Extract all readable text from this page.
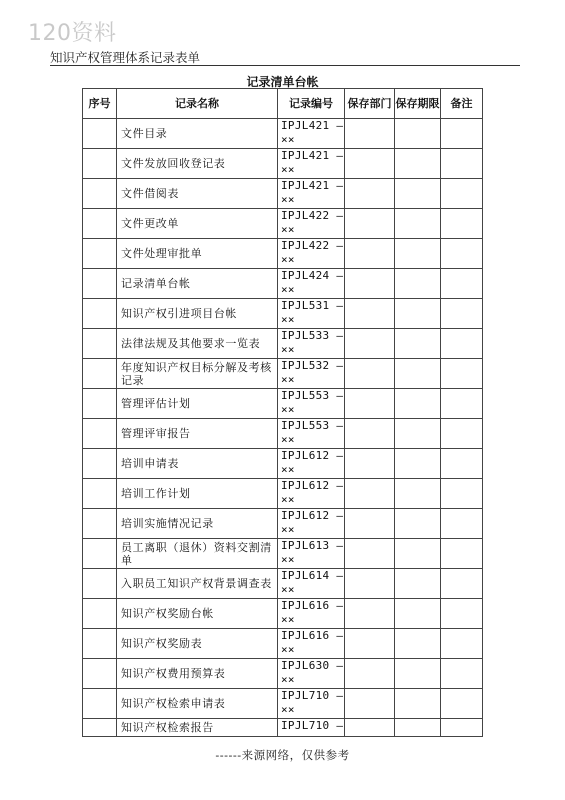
120资料
知识产权管理体系记录表单
记录清单台帐
序号	记录名称	记录编号	保存部门	保存期限	备注
	文件目录	IPJL421 —××			
	文件发放回收登记表	IPJL421 —××			
	文件借阅表	IPJL421 —××			
	文件更改单	IPJL422 —××			
	文件处理审批单	IPJL422 —××			
	记录清单台帐	IPJL424 —××			
	知识产权引进项目台帐	IPJL531 —××			
	法律法规及其他要求一览表	IPJL533 —××			
	年度知识产权目标分解及考核记录	IPJL532 —××			
	管理评估计划	IPJL553 —××			
	管理评审报告	IPJL553 —××			
	培训申请表	IPJL612 —××			
	培训工作计划	IPJL612 —××			
	培训实施情况记录	IPJL612 —××			
	员工离职（退休）资料交割清单	IPJL613 —××			
	入职员工知识产权背景调查表	IPJL614 —××			
	知识产权奖励台帐	IPJL616 —××			
	知识产权奖励表	IPJL616 —××			
	知识产权费用预算表	IPJL630 —××			
	知识产权检索申请表	IPJL710 —××			
	知识产权检索报告	IPJL710 —			
------来源网络，仅供参考
